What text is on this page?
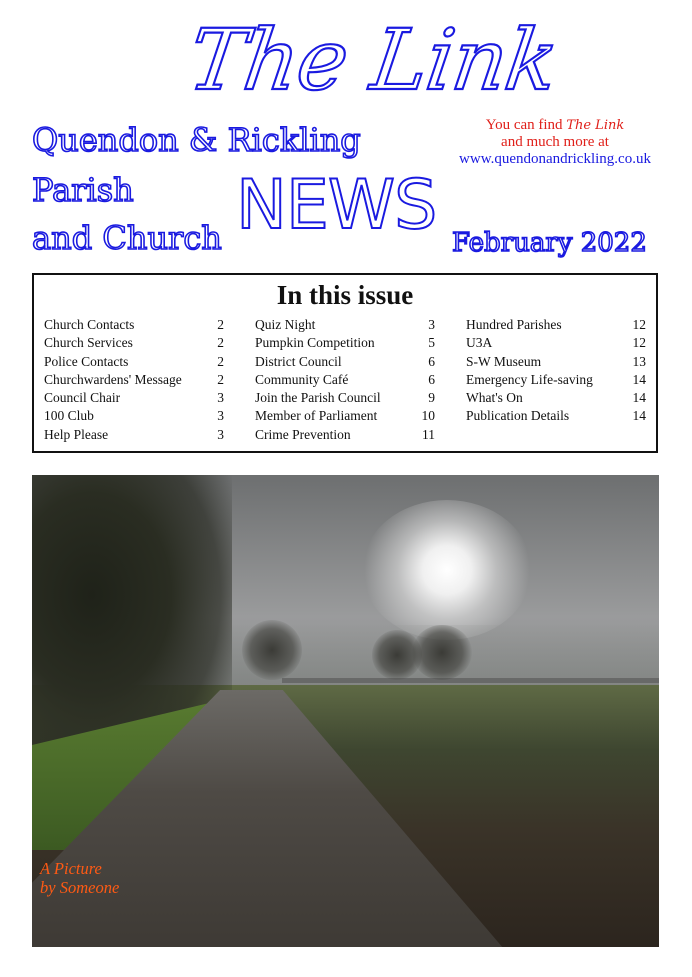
The Link
Quendon & Rickling
Parish
and Church NEWS February 2022
You can find The Link
and much more at
www.quendonandrickling.co.uk
In this issue
Church Contacts	2
Church Services	2
Police Contacts	2
Churchwardens' Message	2
Council Chair	3
100 Club	3
Help Please	3
Quiz Night	3
Pumpkin Competition	5
District Council	6
Community Café	6
Join the Parish Council	9
Member of Parliament	10
Crime Prevention	11
Hundred Parishes	12
U3A	12
S-W Museum	13
Emergency Life-saving	14
What's On	14
Publication Details	14
A Picture
by Someone
